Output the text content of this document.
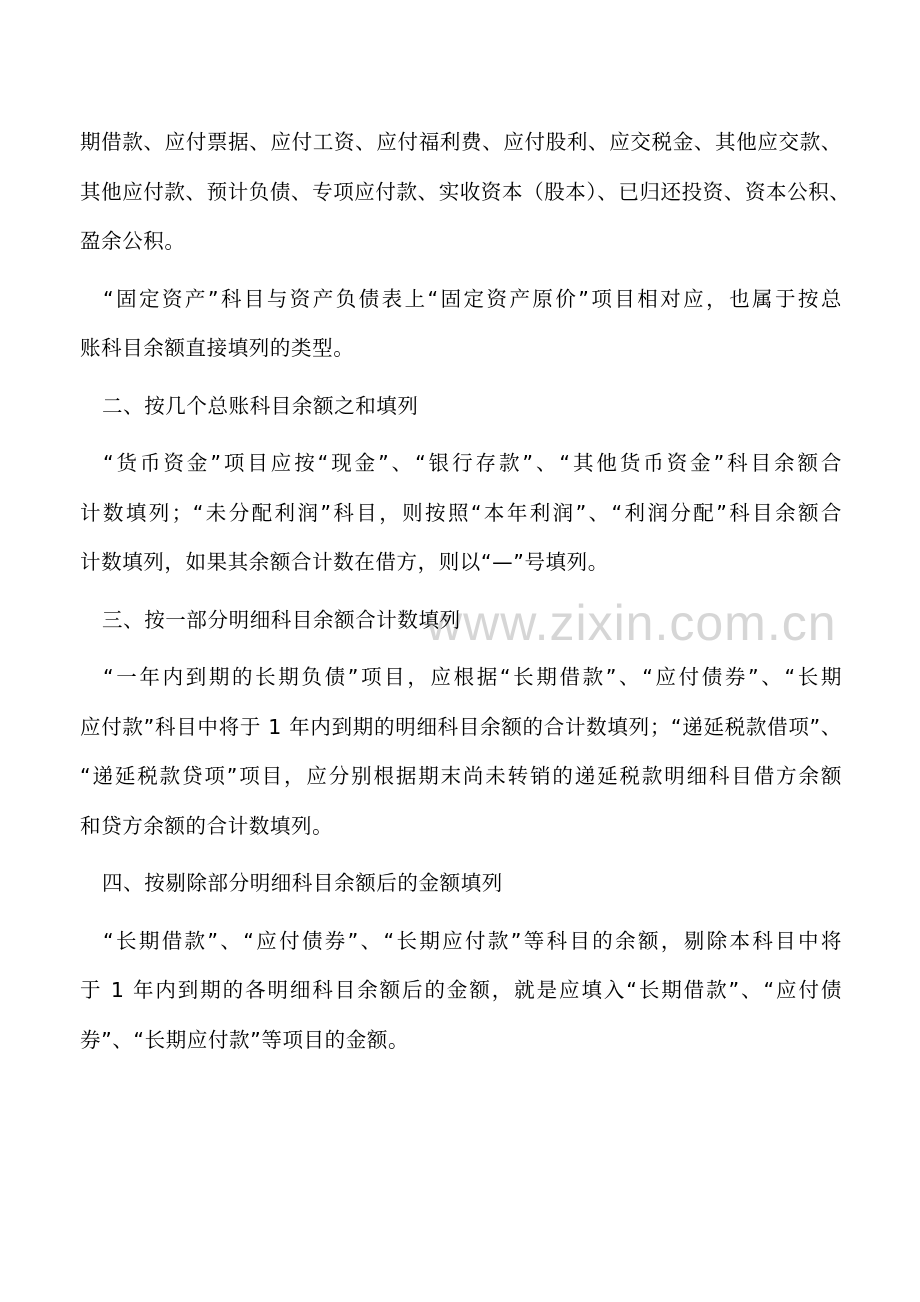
www.zixin.com.cn
期借款、应付票据、应付工资、应付福利费、应付股利、应交税金、其他应交款、
其他应付款、预计负债、专项应付款、实收资本（股本）、已归还投资、资本公积、
盈余公积。
“固定资产”科目与资产负债表上“固定资产原价”项目相对应，也属于按总
账科目余额直接填列的类型。
二、按几个总账科目余额之和填列
“货币资金”项目应按“现金”、“银行存款”、“其他货币资金”科目余额合
计数填列；“未分配利润”科目，则按照“本年利润”、“利润分配”科目余额合
计数填列，如果其余额合计数在借方，则以“—”号填列。
三、按一部分明细科目余额合计数填列
“一年内到期的长期负债”项目，应根据“长期借款”、“应付债券”、“长期
应付款”科目中将于 1 年内到期的明细科目余额的合计数填列；“递延税款借项”、
“递延税款贷项”项目，应分别根据期末尚未转销的递延税款明细科目借方余额
和贷方余额的合计数填列。
四、按剔除部分明细科目余额后的金额填列
“长期借款”、“应付债券”、“长期应付款”等科目的余额，剔除本科目中将
于 1 年内到期的各明细科目余额后的金额，就是应填入“长期借款”、“应付债
券”、“长期应付款”等项目的金额。
